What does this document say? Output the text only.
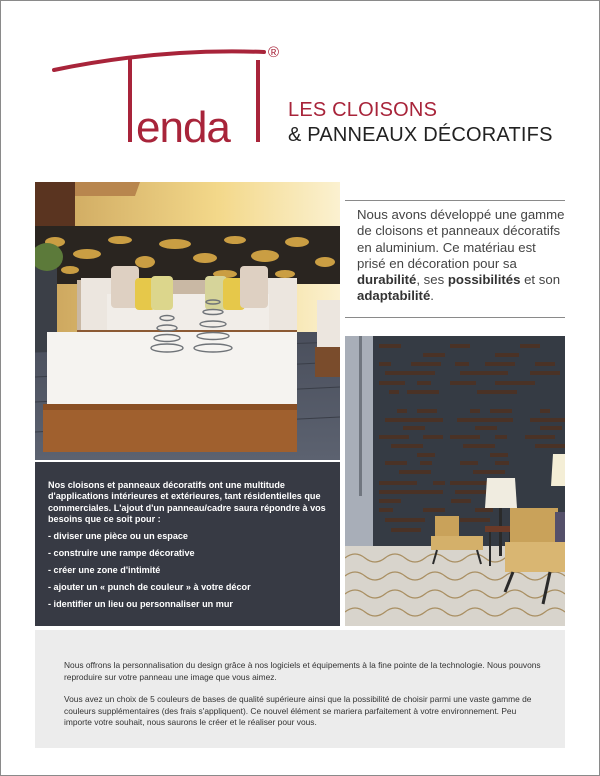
enda
®
LES CLOISONS
& PANNEAUX DÉCORATIFS
Nous avons développé une gamme de cloisons et panneaux décoratifs en aluminium. Ce matériau est prisé en décoration pour sa durabilité, ses possibilités et son adaptabilité.
Nos cloisons et panneaux décoratifs ont une multitude d'applications intérieures et extérieures, tant résidentielles que commerciales. L'ajout d'un panneau/cadre saura répondre à vos besoins que ce soit pour :
- diviser une pièce ou un espace
- construire une rampe décorative
- créer une zone d'intimité
- ajouter un « punch de couleur » à votre décor
- identifier un lieu ou personnaliser un mur

Nous offrons la personnalisation du design grâce à nos logiciels et équipements à la fine pointe de la technologie. Nous pouvons reproduire sur votre panneau une image que vous aimez.

Vous avez un choix de 5 couleurs de bases de qualité supérieure ainsi que la possibilité de choisir parmi une vaste gamme de couleurs supplémentaires (des frais s'appliquent). Ce nouvel élément se mariera parfaitement à votre environnement. Peu importe votre souhait, nous saurons le créer et le réaliser pour vous.
